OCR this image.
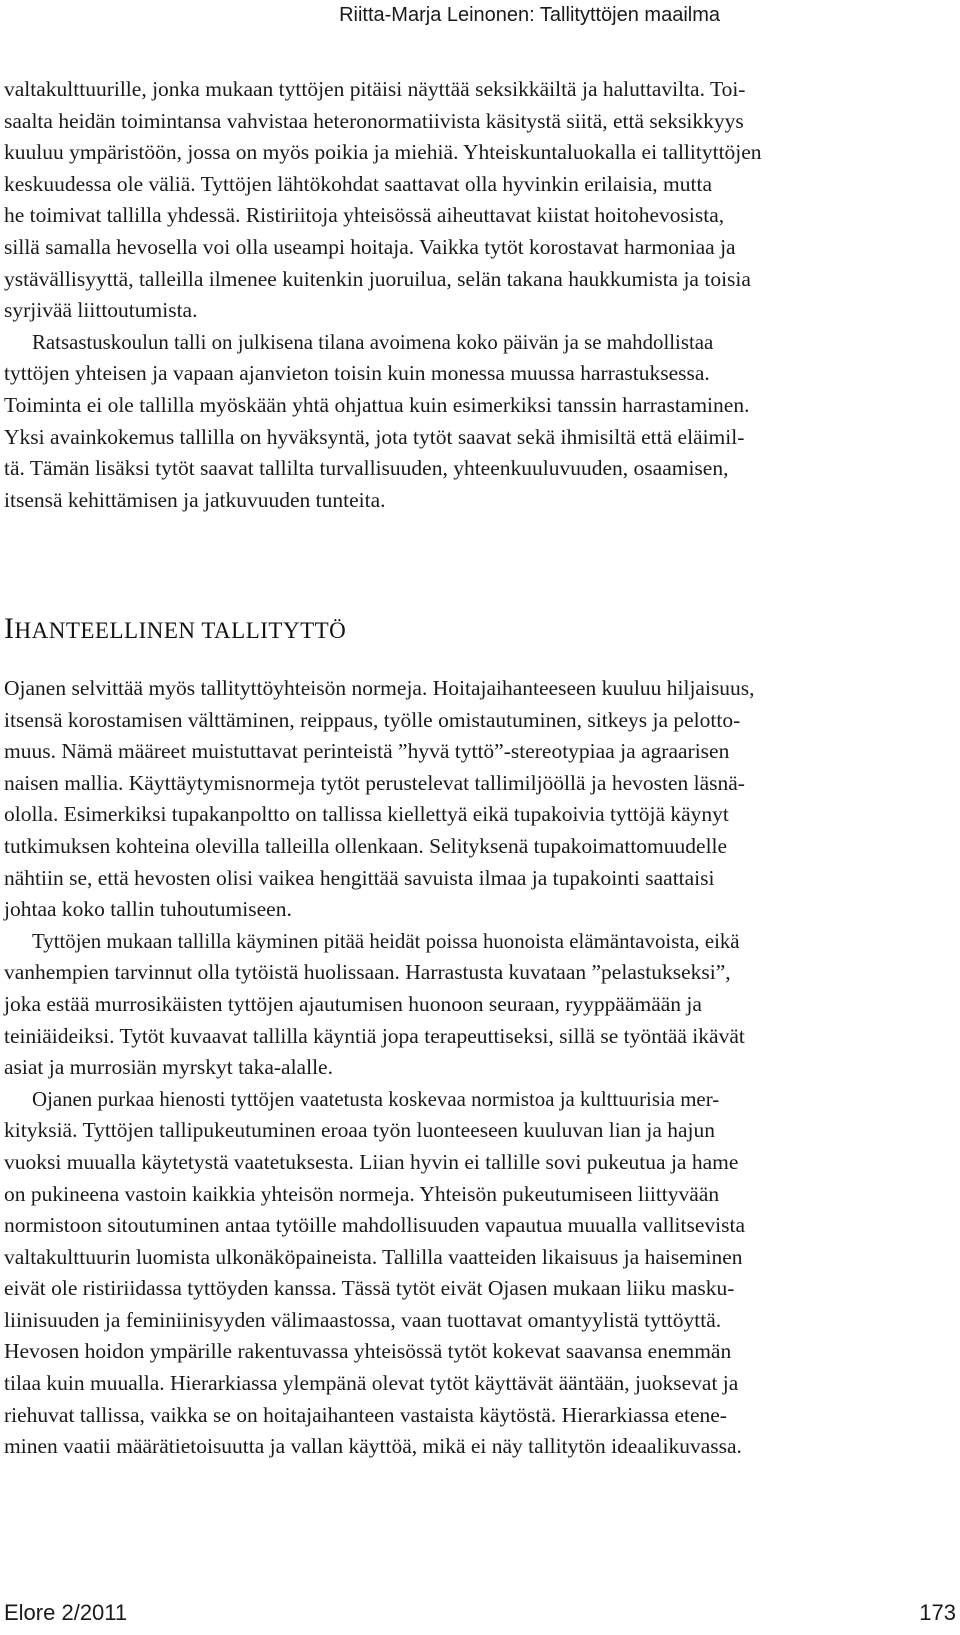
Riitta-Marja Leinonen: Tallityttöjen maailma
valtakulttuurille, jonka mukaan tyttöjen pitäisi näyttää seksikkäiltä ja haluttavilta. Toi-
saalta heidän toimintansa vahvistaa heteronormatiivista käsitystä siitä, että seksikkyys
kuuluu ympäristöön, jossa on myös poikia ja miehiä. Yhteiskuntaluokalla ei tallityttöjen
keskuudessa ole väliä. Tyttöjen lähtökohdat saattavat olla hyvinkin erilaisia, mutta
he toimivat tallilla yhdessä. Ristiriitoja yhteisössä aiheuttavat kiistat hoitohevosista,
sillä samalla hevosella voi olla useampi hoitaja. Vaikka tytöt korostavat harmoniaa ja
ystävällisyyttä, talleilla ilmenee kuitenkin juoruilua, selän takana haukkumista ja toisia
syrjivää liittoutumista.
Ratsastuskoulun talli on julkisena tilana avoimena koko päivän ja se mahdollistaa
tyttöjen yhteisen ja vapaan ajanvieton toisin kuin monessa muussa harrastuksessa.
Toiminta ei ole tallilla myöskään yhtä ohjattua kuin esimerkiksi tanssin harrastaminen.
Yksi avainkokemus tallilla on hyväksyntä, jota tytöt saavat sekä ihmisiltä että eläimil-
tä. Tämän lisäksi tytöt saavat tallilta turvallisuuden, yhteenkuuluvuuden, osaamisen,
itsensä kehittämisen ja jatkuvuuden tunteita.
IHANTEELLINEN TALLITYTTÖ
Ojanen selvittää myös tallityttöyhteisön normeja. Hoitajaihanteeseen kuuluu hiljaisuus,
itsensä korostamisen välttäminen, reippaus, työlle omistautuminen, sitkeys ja pelotto-
muus. Nämä määreet muistuttavat perinteistä ”hyvä tyttö”-stereotypiaa ja agraarisen
naisen mallia. Käyttäytymisnormeja tytöt perustelevat tallimiljööllä ja hevosten läsnä-
ololla. Esimerkiksi tupakanpoltto on tallissa kiellettyä eikä tupakoivia tyttöjä käynyt
tutkimuksen kohteina olevilla talleilla ollenkaan. Selityksenä tupakoimattomuudelle
nähtiin se, että hevosten olisi vaikea hengittää savuista ilmaa ja tupakointi saattaisi
johtaa koko tallin tuhoutumiseen.
Tyttöjen mukaan tallilla käyminen pitää heidät poissa huonoista elämäntavoista, eikä
vanhempien tarvinnut olla tytöistä huolissaan. Harrastusta kuvataan ”pelastukseksi”,
joka estää murrosikäisten tyttöjen ajautumisen huonoon seuraan, ryyppäämään ja
teiniäideiksi. Tytöt kuvaavat tallilla käyntiä jopa terapeuttiseksi, sillä se työntää ikävät
asiat ja murrosiän myrskyt taka-alalle.
Ojanen purkaa hienosti tyttöjen vaatetusta koskevaa normistoa ja kulttuurisia mer-
kityksiä. Tyttöjen tallipukeutuminen eroaa työn luonteeseen kuuluvan lian ja hajun
vuoksi muualla käytetystä vaatetuksesta. Liian hyvin ei tallille sovi pukeutua ja hame
on pukineena vastoin kaikkia yhteisön normeja. Yhteisön pukeutumiseen liittyvään
normistoon sitoutuminen antaa tytöille mahdollisuuden vapautua muualla vallitsevista
valtakulttuurin luomista ulkonäköpaineista. Tallilla vaatteiden likaisuus ja haiseminen
eivät ole ristiriidassa tyttöyden kanssa. Tässä tytöt eivät Ojasen mukaan liiku masku-
liinisuuden ja feminiinisyyden välimaastossa, vaan tuottavat omantyylistä tyttöyttä.
Hevosen hoidon ympärille rakentuvassa yhteisössä tytöt kokevat saavansa enemmän
tilaa kuin muualla. Hierarkiassa ylempänä olevat tytöt käyttävät ääntään, juoksevat ja
riehuvat tallissa, vaikka se on hoitajaihanteen vastaista käytöstä. Hierarkiassa etene-
minen vaatii määrätietoisuutta ja vallan käyttöä, mikä ei näy tallitytön ideaalikuvassa.
Elore 2/2011	173
